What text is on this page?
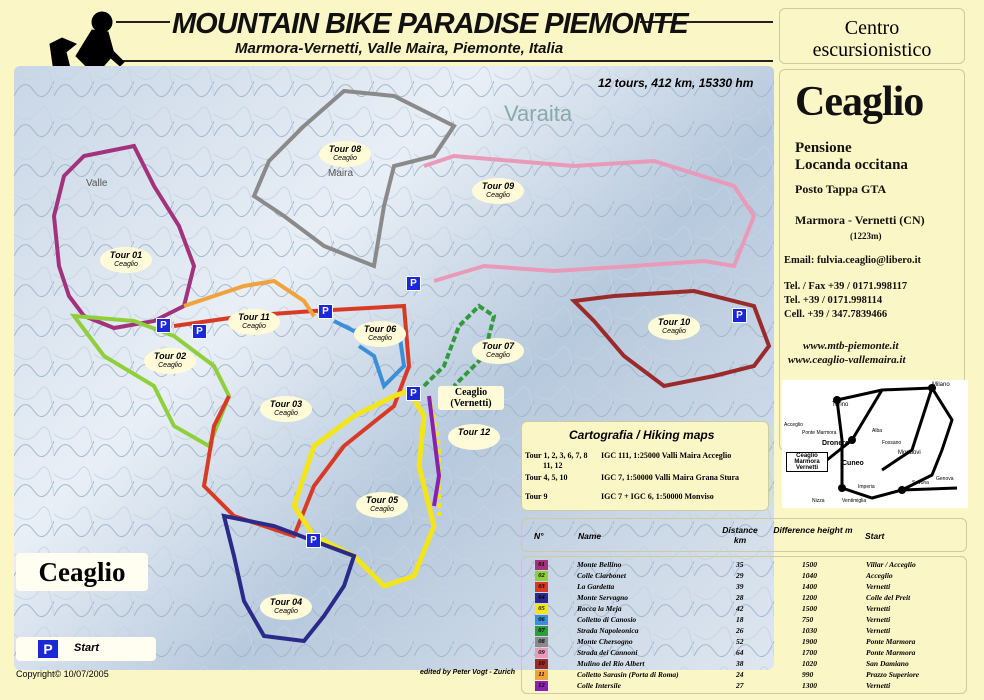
MOUNTAIN BIKE PARADISE PIEMONTE
Marmora-Vernetti, Valle Maira, Piemonte, Italia
Valle
Maira
Varaita
12 tours, 412 km, 15330 hm
Tour 01
Ceaglio
Tour 02
Ceaglio
Tour 03
Ceaglio
Tour 04
Ceaglio
Tour 05
Ceaglio
Tour 06
Ceaglio
Tour 07
Ceaglio
Tour 08
Ceaglio
Tour 09
Ceaglio
Tour 10
Ceaglio
Tour 11
Ceaglio
Tour 12
P
P
P
P
P
P
P
Ceaglio
(Vernetti)
Centro
escursionistico
Ceaglio
Pensione
Locanda occitana
Posto Tappa GTA
Marmora - Vernetti (CN)
(1223m)
Email: fulvia.ceaglio@libero.it
Tel. / Fax +39 / 0171.998117
Tel. +39 / 0171.998114
Cell. +39 / 347.7839466
www.mtb-piemonte.it
www.ceaglio-vallemaira.it
Torino
Milano
Acceglio
Ponte Marmora	Alba
Fossano
Dronero
Mondovi
Cuneo
Ceaglio Marmora Vernetti
Genova
Savona
Imperia
Ventimiglia
Nizza
Cartografia / Hiking maps
Tour 1, 2, 3, 6, 7, 8 IGC 111, 1:25000 Valli Maira Acceglio
11, 12
Tour 4, 5, 10	IGC 7, 1:50000 Valli Maira Grana Stura
Tour 9	IGC 7 + IGC 6, 1:50000 Monviso
N°	Name
Distance km
Difference height m
Start
01	Monte Bellino	35	1500	Villar / Acceglio
02	Colle Ciarbonet	29	1040	Acceglio
03	La Gardetta	39	1400	Vernetti
04	Monte Servagno	28	1200	Colle del Preit
05	Rocca la Meja	42	1500	Vernetti
06	Colletto di Canosio	18	750	Vernetti
07	Strada Napoleonica	26	1030	Vernetti
08	Monte Chersogno	52	1900	Ponte Marmora
09	Strada dei Cannoni	64	1700	Ponte Marmora
10	Mulino del Rio Albert	38	1020	San Damiano
11	Colletto Sarasin (Porta di Roma)	24	990	Prazzo Superiore
12	Colle Intersile	27	1300	Vernetti
Ceaglio
P	Start
Copyright© 10/07/2005	edited by Peter Vogt - Zurich
